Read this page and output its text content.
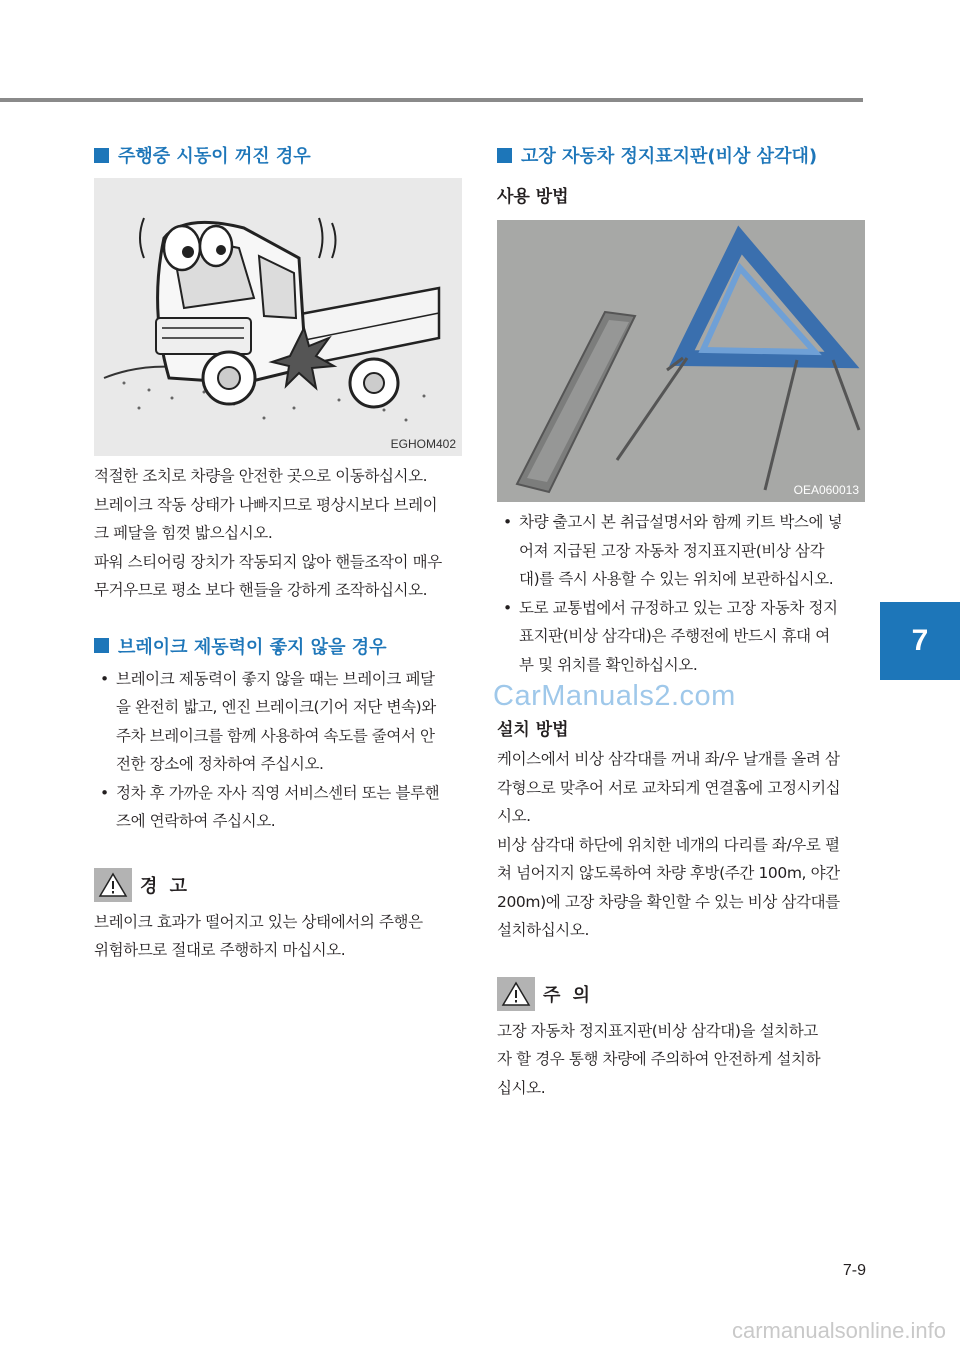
주행중 시동이 꺼진 경우
EGHOM402

적절한 조치로 차량을 안전한 곳으로 이동하십시오.
브레이크 작동 상태가 나빠지므로 평상시보다 브레이
크 페달을 힘껏 밟으십시오.
파워 스티어링 장치가 작동되지 않아 핸들조작이 매우
무거우므로 평소 보다 핸들을 강하게 조작하십시오.

브레이크 제동력이 좋지 않을 경우
• 브레이크 제동력이 좋지 않을 때는 브레이크 페달
을 완전히 밟고, 엔진 브레이크(기어 저단 변속)와
주차 브레이크를 함께 사용하여 속도를 줄여서 안
전한 장소에 정차하여 주십시오.
• 정차 후 가까운 자사 직영 서비스센터 또는 블루핸
즈에 연락하여 주십시오.
경 고

브레이크 효과가 떨어지고 있는 상태에서의 주행은
위험하므로 절대로 주행하지 마십시오.

고장 자동차 정지표지판(비상 삼각대)
사용 방법
OEA060013
• 차량 출고시 본 취급설명서와 함께 키트 박스에 넣
어져 지급된 고장 자동차 정지표지판(비상 삼각
대)를 즉시 사용할 수 있는 위치에 보관하십시오.
• 도로 교통법에서 규정하고 있는 고장 자동차 정지
표지판(비상 삼각대)은 주행전에 반드시 휴대 여
부 및 위치를 확인하십시오.
설치 방법

케이스에서 비상 삼각대를 꺼내 좌/우 날개를 올려 삼
각형으로 맞추어 서로 교차되게 연결홈에 고정시키십
시오.
비상 삼각대 하단에 위치한 네개의 다리를 좌/우로 펼
쳐 넘어지지 않도록하여 차량 후방(주간 100m, 야간
200m)에 고장 차량을 확인할 수 있는 비상 삼각대를
설치하십시오.

주 의

고장 자동차 정지표지판(비상 삼각대)을 설치하고
자 할 경우 통행 차량에 주의하여 안전하게 설치하
십시오.

CarManuals2.com
7
7-9
carmanualsonline.info
